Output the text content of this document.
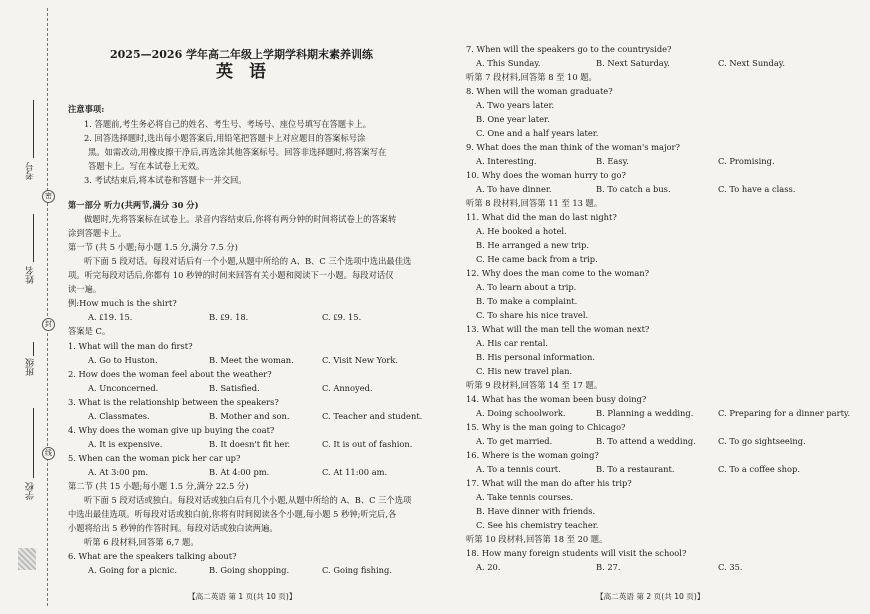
密
封
线
考号
姓名
班级
学校
2025—2026 学年高二年级上学期学科期末素养训练
英语
注意事项:
1. 答题前,考生务必将自己的姓名、考生号、考场号、座位号填写在答题卡上。
2. 回答选择题时,选出每小题答案后,用铅笔把答题卡上对应题目的答案标号涂
黑。如需改动,用橡皮擦干净后,再选涂其他答案标号。回答非选择题时,将答案写在
答题卡上。写在本试卷上无效。
3. 考试结束后,将本试卷和答题卡一并交回。
第一部分 听力(共两节,满分 30 分)
做题时,先将答案标在试卷上。录音内容结束后,你将有两分钟的时间将试卷上的答案转
涂到答题卡上。
第一节 (共 5 小题;每小题 1.5 分,满分 7.5 分)
听下面 5 段对话。每段对话后有一个小题,从题中所给的 A、B、C 三个选项中选出最佳选
项。听完每段对话后,你都有 10 秒钟的时间来回答有关小题和阅读下一小题。每段对话仅
读一遍。
例:How much is the shirt?
A. ₤19. 15.	B. ₤9. 18.	C. ₤9. 15.
答案是 C。
1. What will the man do first?
A. Go to Huston.	B. Meet the woman.	C. Visit New York.
2. How does the woman feel about the weather?
A. Unconcerned.	B. Satisfied.	C. Annoyed.
3. What is the relationship between the speakers?
A. Classmates.	B. Mother and son.	C. Teacher and student.
4. Why does the woman give up buying the coat?
A. It is expensive.	B. It doesn't fit her.	C. It is out of fashion.
5. When can the woman pick her car up?
A. At 3:00 pm.	B. At 4:00 pm.	C. At 11:00 am.
第二节 (共 15 小题;每小题 1.5 分,满分 22.5 分)
听下面 5 段对话或独白。每段对话或独白后有几个小题,从题中所给的 A、B、C 三个选项
中选出最佳选项。听每段对话或独白前,你将有时间阅读各个小题,每小题 5 秒钟;听完后,各
小题将给出 5 秒钟的作答时间。每段对话或独白读两遍。
听第 6 段材料,回答第 6,7 题。
6. What are the speakers talking about?
A. Going for a picnic.	B. Going shopping.	C. Going fishing.
【高二英语 第 1 页(共 10 页)】
7. When will the speakers go to the countryside?
A. This Sunday.	B. Next Saturday.	C. Next Sunday.
听第 7 段材料,回答第 8 至 10 题。
8. When will the woman graduate?
A. Two years later.
B. One year later.
C. One and a half years later.
9. What does the man think of the woman's major?
A. Interesting.	B. Easy.	C. Promising.
10. Why does the woman hurry to go?
A. To have dinner.	B. To catch a bus.	C. To have a class.
听第 8 段材料,回答第 11 至 13 题。
11. What did the man do last night?
A. He booked a hotel.
B. He arranged a new trip.
C. He came back from a trip.
12. Why does the man come to the woman?
A. To learn about a trip.
B. To make a complaint.
C. To share his nice travel.
13. What will the man tell the woman next?
A. His car rental.
B. His personal information.
C. His new travel plan.
听第 9 段材料,回答第 14 至 17 题。
14. What has the woman been busy doing?
A. Doing schoolwork.	B. Planning a wedding.	C. Preparing for a dinner party.
15. Why is the man going to Chicago?
A. To get married.	B. To attend a wedding.	C. To go sightseeing.
16. Where is the woman going?
A. To a tennis court.	B. To a restaurant.	C. To a coffee shop.
17. What will the man do after his trip?
A. Take tennis courses.
B. Have dinner with friends.
C. See his chemistry teacher.
听第 10 段材料,回答第 18 至 20 题。
18. How many foreign students will visit the school?
A. 20.	B. 27.	C. 35.
【高二英语 第 2 页(共 10 页)】
